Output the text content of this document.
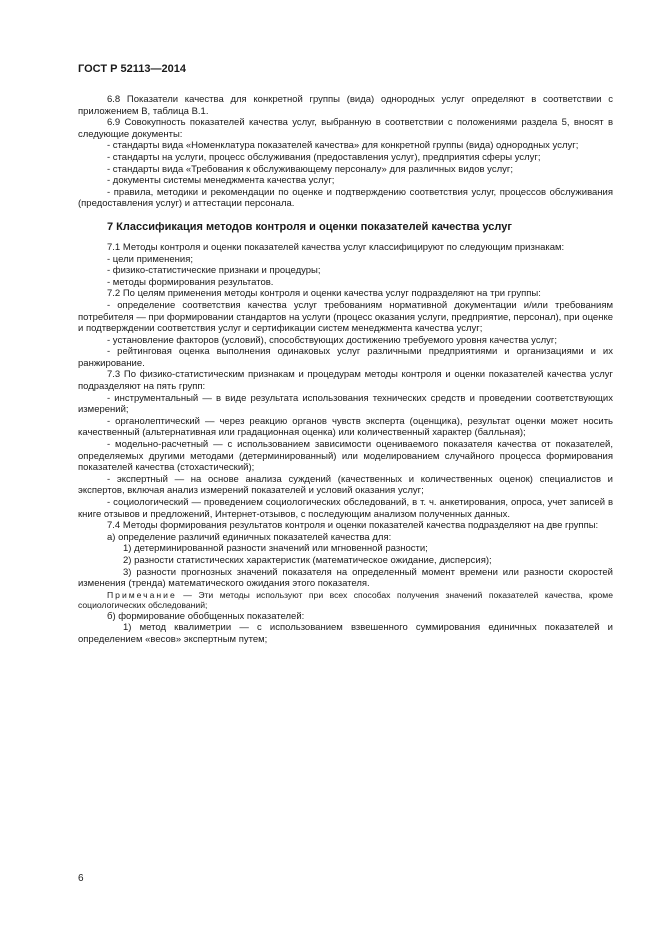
ГОСТ Р 52113—2014

6.8 Показатели качества для конкретной группы (вида) однородных услуг определяют в соответствии с приложением В, таблица В.1.

6.9 Совокупность показателей качества услуг, выбранную в соответствии с положениями раздела 5, вносят в следующие документы:

- стандарты вида «Номенклатура показателей качества» для конкретной группы (вида) однородных услуг;

- стандарты на услуги, процесс обслуживания (предоставления услуг), предприятия сферы услуг;

- стандарты вида «Требования к обслуживающему персоналу» для различных видов услуг;

- документы системы менеджмента качества услуг;

- правила, методики и рекомендации по оценке и подтверждению соответствия услуг, процессов обслуживания (предоставления услуг) и аттестации персонала.

7 Классификация методов контроля и оценки показателей качества услуг

7.1 Методы контроля и оценки показателей качества услуг классифицируют по следующим признакам:

- цели применения;

- физико-статистические признаки и процедуры;

- методы формирования результатов.

7.2 По целям применения методы контроля и оценки качества услуг подразделяют на три группы:

- определение соответствия качества услуг требованиям нормативной документации и/или требованиям потребителя — при формировании стандартов на услуги (процесс оказания услуги, предприятие, персонал), при оценке и подтверждении соответствия услуг и сертификации систем менеджмента качества услуг;

- установление факторов (условий), способствующих достижению требуемого уровня качества услуг;

- рейтинговая оценка выполнения одинаковых услуг различными предприятиями и организациями и их ранжирование.

7.3 По физико-статистическим признакам и процедурам методы контроля и оценки показателей качества услуг подразделяют на пять групп:

- инструментальный — в виде результата использования технических средств и проведении соответствующих измерений;

- органолептический — через реакцию органов чувств эксперта (оценщика), результат оценки может носить качественный (альтернативная или градационная оценка) или количественный характер (балльная);

- модельно-расчетный — с использованием зависимости оцениваемого показателя качества от показателей, определяемых другими методами (детерминированный) или моделированием случайного процесса формирования показателей качества (стохастический);

- экспертный — на основе анализа суждений (качественных и количественных оценок) специалистов и экспертов, включая анализ измерений показателей и условий оказания услуг;

- социологический — проведением социологических обследований, в т. ч. анкетирования, опроса, учет записей в книге отзывов и предложений, Интернет-отзывов, с последующим анализом полученных данных.

7.4 Методы формирования результатов контроля и оценки показателей качества подразделяют на две группы:

а) определение различий единичных показателей качества для:

1) детерминированной разности значений или мгновенной разности;

2) разности статистических характеристик (математическое ожидание, дисперсия);

3) разности прогнозных значений показателя на определенный момент времени или разности скоростей изменения (тренда) математического ожидания этого показателя.

Примечание — Эти методы используют при всех способах получения значений показателей качества, кроме социологических обследований;

б) формирование обобщенных показателей:

1) метод квалиметрии — с использованием взвешенного суммирования единичных показателей и определением «весов» экспертным путем;

6
